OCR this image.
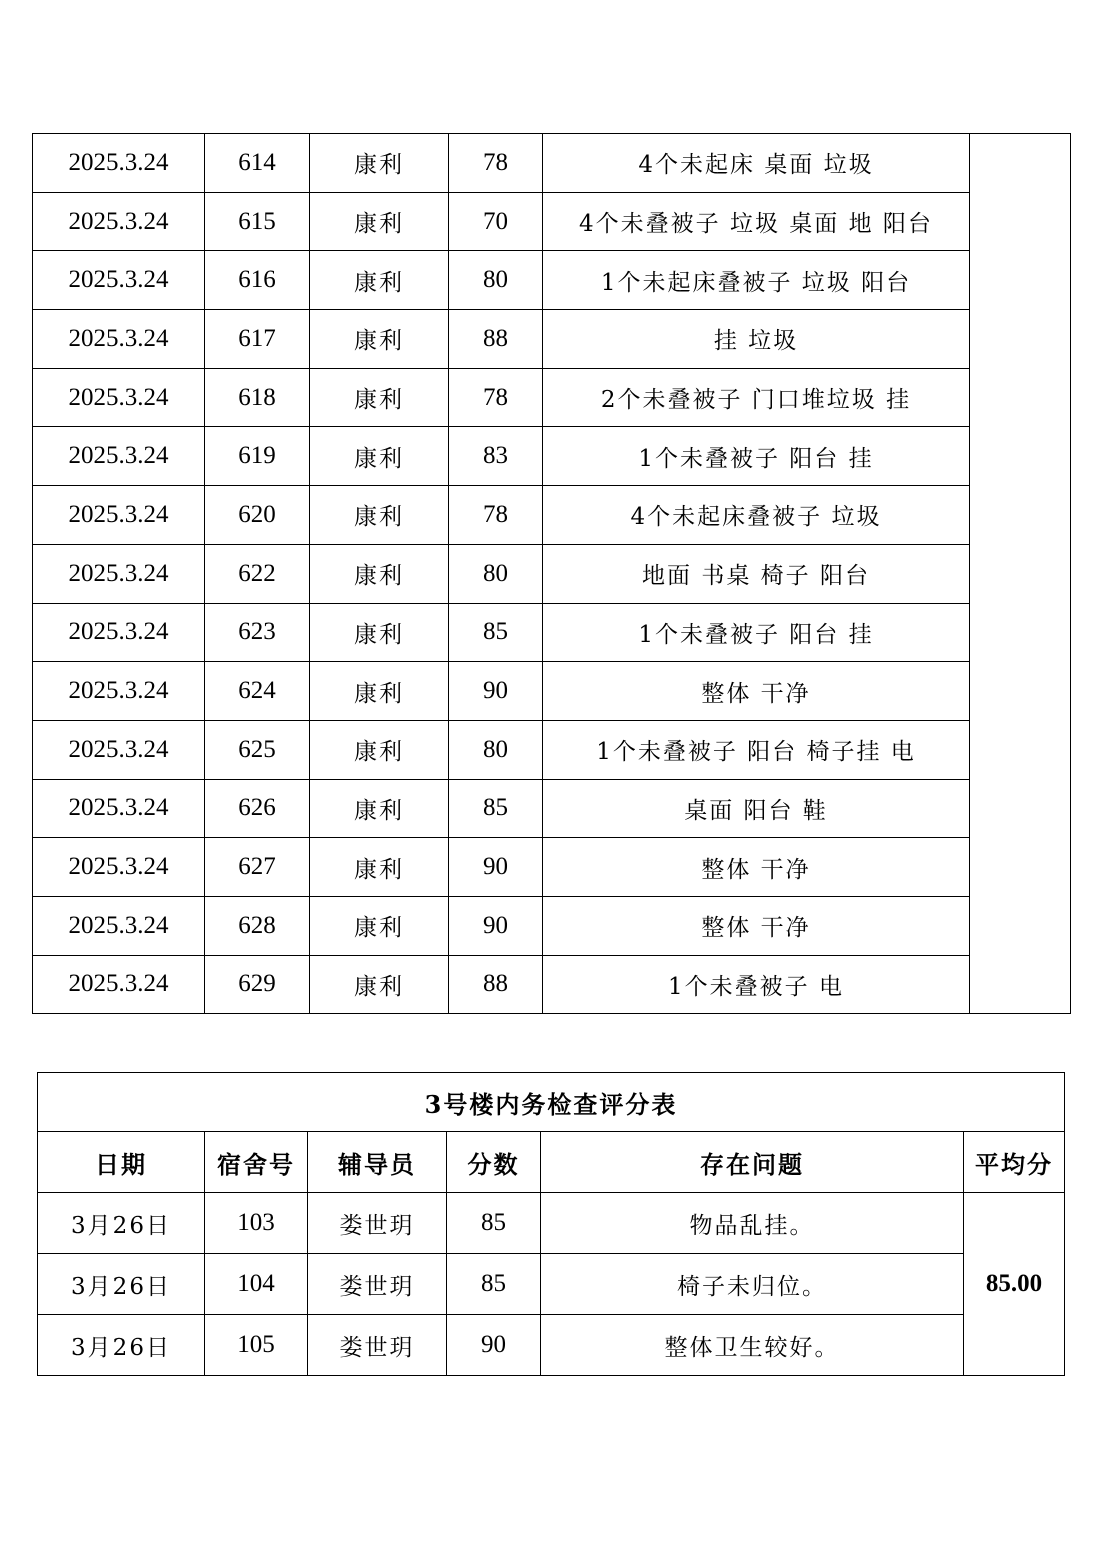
2025.3.24	614	康利	78	4个未起床 桌面 垃圾	
2025.3.24	615	康利	70	4个未叠被子 垃圾 桌面 地 阳台	
2025.3.24	616	康利	80	1个未起床叠被子 垃圾 阳台	
2025.3.24	617	康利	88	挂 垃圾	
2025.3.24	618	康利	78	2个未叠被子 门口堆垃圾 挂	
2025.3.24	619	康利	83	1个未叠被子 阳台 挂	
2025.3.24	620	康利	78	4个未起床叠被子 垃圾	
2025.3.24	622	康利	80	地面 书桌 椅子 阳台	
2025.3.24	623	康利	85	1个未叠被子 阳台 挂	
2025.3.24	624	康利	90	整体 干净	
2025.3.24	625	康利	80	1个未叠被子 阳台 椅子挂 电	
2025.3.24	626	康利	85	桌面 阳台 鞋	
2025.3.24	627	康利	90	整体 干净	
2025.3.24	628	康利	90	整体 干净	
2025.3.24	629	康利	88	1个未叠被子 电	
3号楼内务检查评分表					
日期	宿舍号	辅导员	分数	存在问题	平均分
3月26日	103	娄世玥	85	物品乱挂。	85.00
3月26日	104	娄世玥	85	椅子未归位。	
3月26日	105	娄世玥	90	整体卫生较好。	
